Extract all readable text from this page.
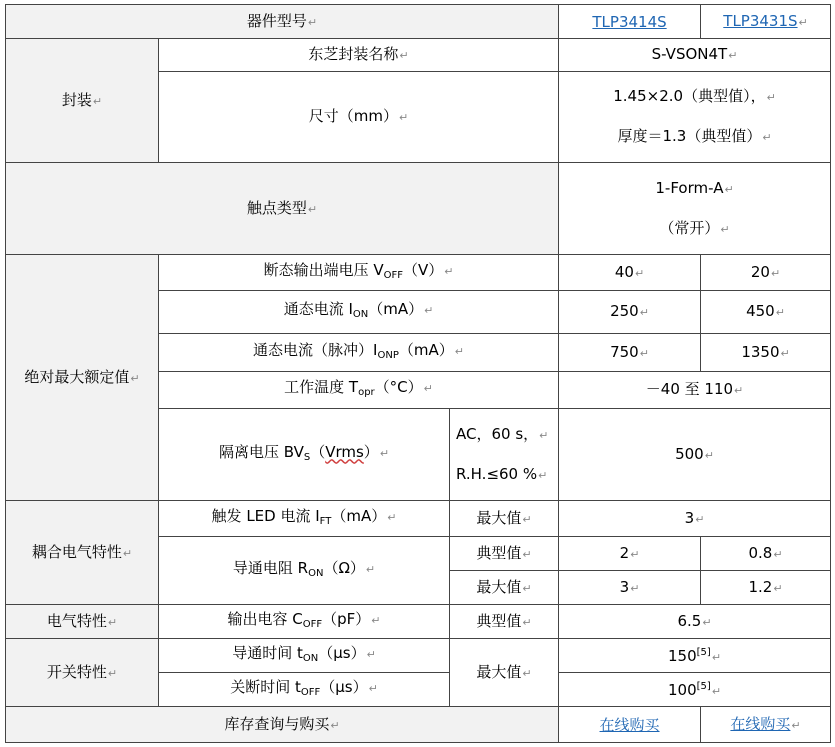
器件型号↵			TLP3414S	TLP3431S↵
封装↵	东芝封装名称↵		S-VSON4T↵	
	尺寸（mm）↵		1.45×2.0（典型值），↵
厚度＝1.3（典型值）↵	

触点类型↵			1-Form-A↵
（常开）↵	

绝对最大额定值↵	断态输出端电压 $V_{OFF}(V)↵$		40↵	20↵
	通态电流 $I_{ON}(mA)↵$		250↵	450↵
	通态电流（脉冲）$I_{ONP}(mA)↵$		750↵	1350↵
	工作温度 $T_{opr}(^\circ C)↵$		－40 至 110↵	
	隔离电压 $BV_S(Vrms)↵$	AC，60 s，↵
R.H.≤60 %↵	500↵	
耦合电气特性↵	触发 LED 电流 $I_{FT}(mA)↵$	最大值↵	3↵	
	导通电阻 $R_{ON}(\Omega)↵$	典型值↵	2↵	0.8↵
		最大值↵	3↵	1.2↵
电气特性↵	输出电容 $C_{OFF}(pF)↵$	典型值↵	6.5↵	
开关特性↵	导通时间 $t_{ON}(\mu s)↵$	最大值↵	150[5]↵	
	关断时间 $t_{OFF}(\mu s)↵$		100[5]↵	
库存查询与购买↵			在线购买	在线购买↵
